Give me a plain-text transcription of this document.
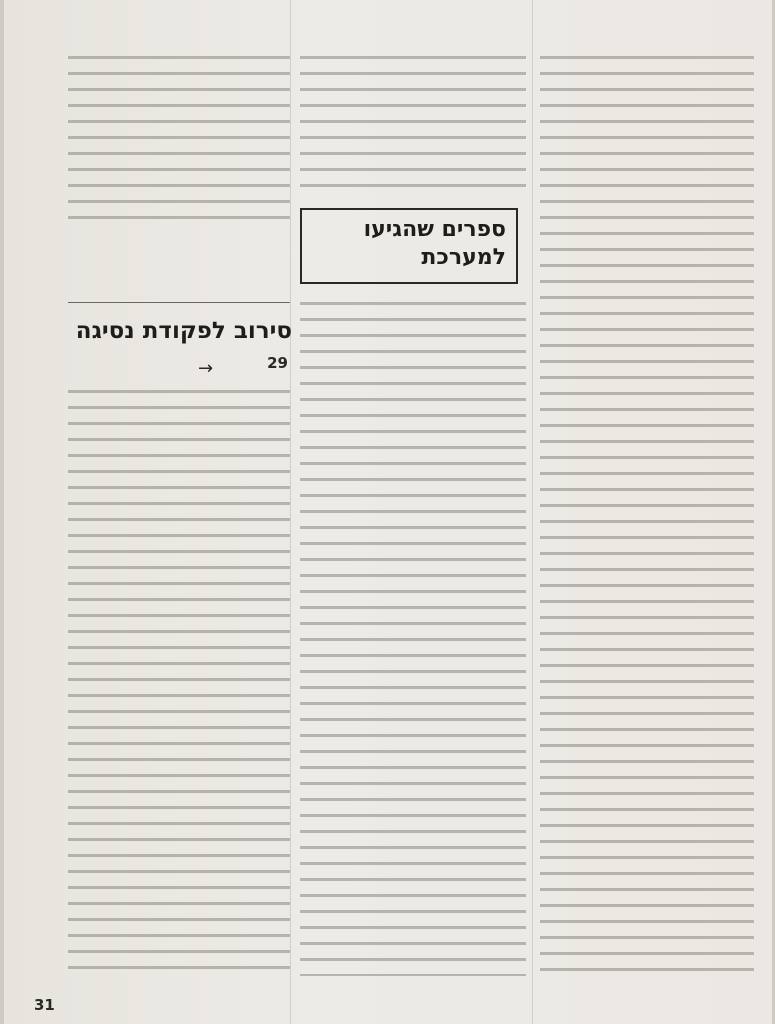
ספרים שהגיעו
למערכת
סירוב לפקודת נסיגה
→	29
31
